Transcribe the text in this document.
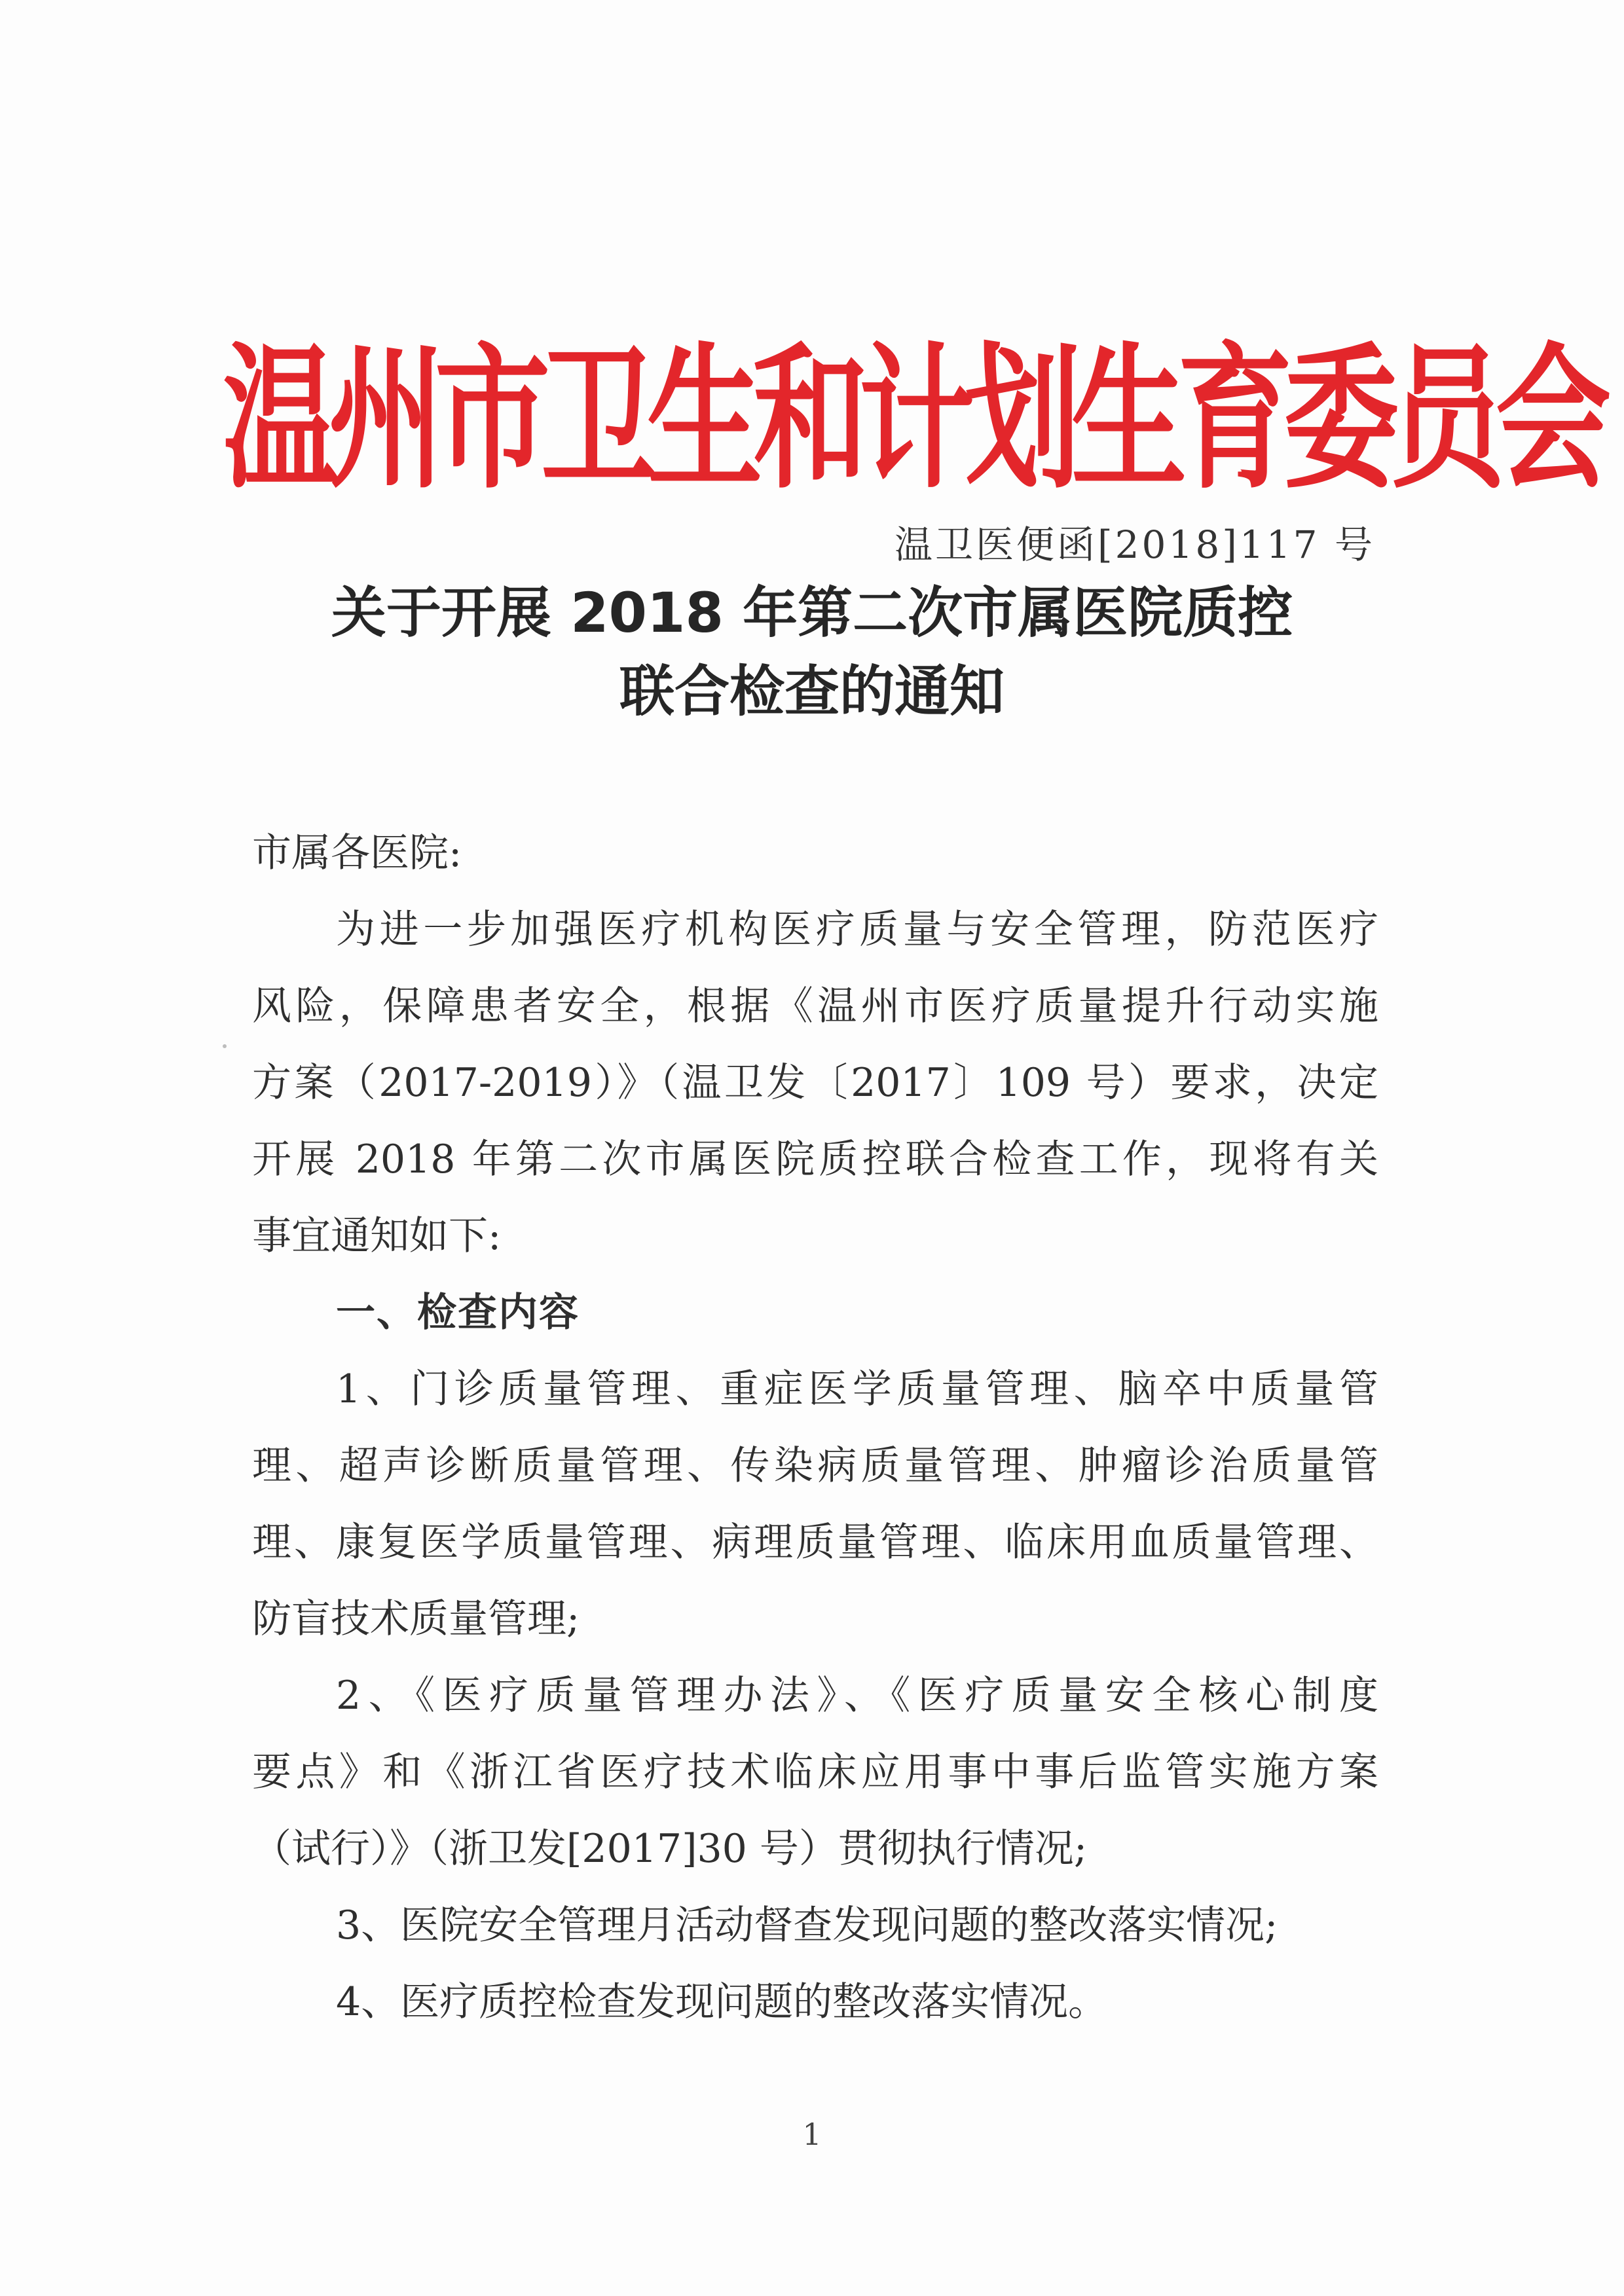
温州市卫生和计划生育委员会
温卫医便函[2018]117 号
关于开展 2018 年第二次市属医院质控
联合检查的通知
市属各医院:
为进一步加强医疗机构医疗质量与安全管理，防范医疗
风险，保障患者安全，根据《温州市医疗质量提升行动实施
方案（2017-2019）》（温卫发〔2017〕109 号）要求，决定
开展 2018 年第二次市属医院质控联合检查工作，现将有关
事宜通知如下:
一、检查内容
1、门诊质量管理、重症医学质量管理、脑卒中质量管
理、超声诊断质量管理、传染病质量管理、肿瘤诊治质量管
理、康复医学质量管理、病理质量管理、临床用血质量管理、
防盲技术质量管理;
2、《医疗质量管理办法》、《医疗质量安全核心制度
要点》和《浙江省医疗技术临床应用事中事后监管实施方案
（试行）》（浙卫发[2017]30 号）贯彻执行情况;
3、医院安全管理月活动督查发现问题的整改落实情况;
4、医疗质控检查发现问题的整改落实情况。
1
